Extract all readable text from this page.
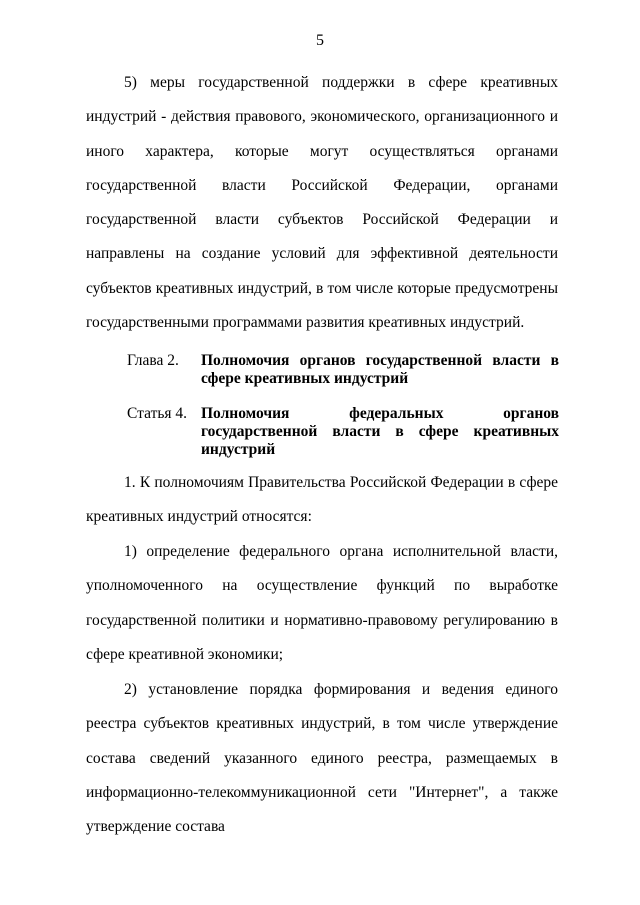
5

5) меры государственной поддержки в сфере креативных индустрий - действия правового, экономического, организационного и иного характера, которые могут осуществляться органами государственной власти Российской Федерации, органами государственной власти субъектов Российской Федерации и направлены на создание условий для эффективной деятельности субъектов креативных индустрий, в том числе которые предусмотрены государственными программами развития креативных индустрий.

Глава 2. Полномочия органов государственной власти в сфере креативных индустрий
Статья 4. Полномочия федеральных органов государственной власти в сфере креативных индустрий

1. К полномочиям Правительства Российской Федерации в сфере креативных индустрий относятся:

1) определение федерального органа исполнительной власти, уполномоченного на осуществление функций по выработке государственной политики и нормативно-правовому регулированию в сфере креативной экономики;

2) установление порядка формирования и ведения единого реестра субъектов креативных индустрий, в том числе утверждение состава сведений указанного единого реестра, размещаемых в информационно-телекоммуникационной сети "Интернет", а также утверждение состава
